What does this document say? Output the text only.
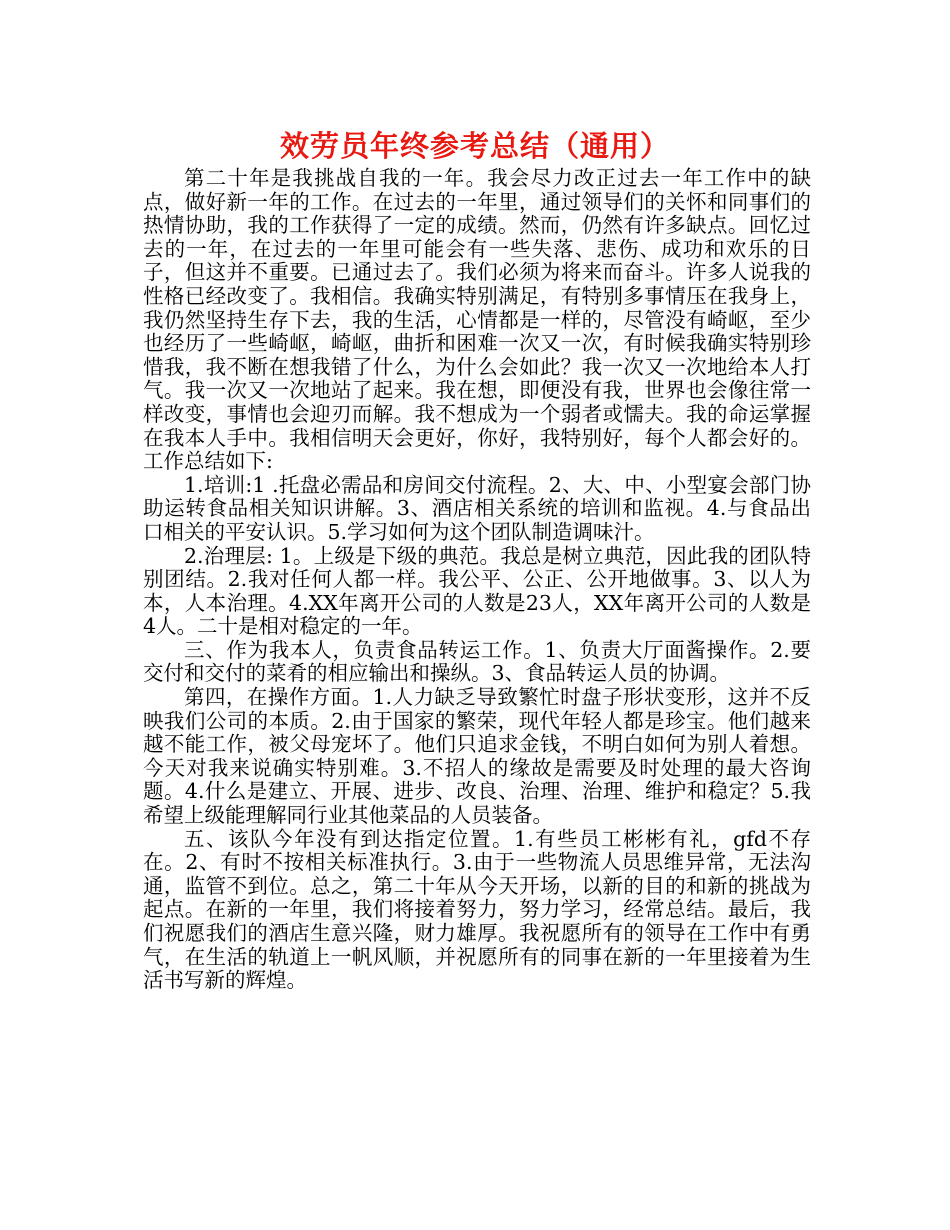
效劳员年终参考总结（通用）

第二十年是我挑战自我的一年。我会尽力改正过去一年工作中的缺点，做好新一年的工作。在过去的一年里，通过领导们的关怀和同事们的热情协助，我的工作获得了一定的成绩。然而，仍然有许多缺点。回忆过去的一年，在过去的一年里可能会有一些失落、悲伤、成功和欢乐的日子，但这并不重要。已通过去了。我们必须为将来而奋斗。许多人说我的性格已经改变了。我相信。我确实特别满足，有特别多事情压在我身上，我仍然坚持生存下去，我的生活，心情都是一样的，尽管没有崎岖，至少也经历了一些崎岖，崎岖，曲折和困难一次又一次，有时候我确实特别珍惜我，我不断在想我错了什么，为什么会如此？我一次又一次地给本人打气。我一次又一次地站了起来。我在想，即便没有我，世界也会像往常一样改变，事情也会迎刃而解。我不想成为一个弱者或懦夫。我的命运掌握在我本人手中。我相信明天会更好，你好，我特别好，每个人都会好的。工作总结如下:

1.培训:1 .托盘必需品和房间交付流程。2、大、中、小型宴会部门协助运转食品相关知识讲解。3、酒店相关系统的培训和监视。4.与食品出口相关的平安认识。5.学习如何为这个团队制造调味汁。

2.治理层: 1。上级是下级的典范。我总是树立典范，因此我的团队特别团结。2.我对任何人都一样。我公平、公正、公开地做事。3、以人为本，人本治理。4.XX年离开公司的人数是23人，XX年离开公司的人数是4人。二十是相对稳定的一年。

三、作为我本人，负责食品转运工作。1、负责大厅面酱操作。2.要交付和交付的菜肴的相应输出和操纵。3、食品转运人员的协调。

第四，在操作方面。1.人力缺乏导致繁忙时盘子形状变形，这并不反映我们公司的本质。2.由于国家的繁荣，现代年轻人都是珍宝。他们越来越不能工作，被父母宠坏了。他们只追求金钱，不明白如何为别人着想。今天对我来说确实特别难。3.不招人的缘故是需要及时处理的最大咨询题。4.什么是建立、开展、进步、改良、治理、治理、维护和稳定？5.我希望上级能理解同行业其他菜品的人员装备。

五、该队今年没有到达指定位置。1.有些员工彬彬有礼，gfd不存在。2、有时不按相关标准执行。3.由于一些物流人员思维异常，无法沟通，监管不到位。总之，第二十年从今天开场，以新的目的和新的挑战为起点。在新的一年里，我们将接着努力，努力学习，经常总结。最后，我们祝愿我们的酒店生意兴隆，财力雄厚。我祝愿所有的领导在工作中有勇气，在生活的轨道上一帆风顺，并祝愿所有的同事在新的一年里接着为生活书写新的辉煌。
